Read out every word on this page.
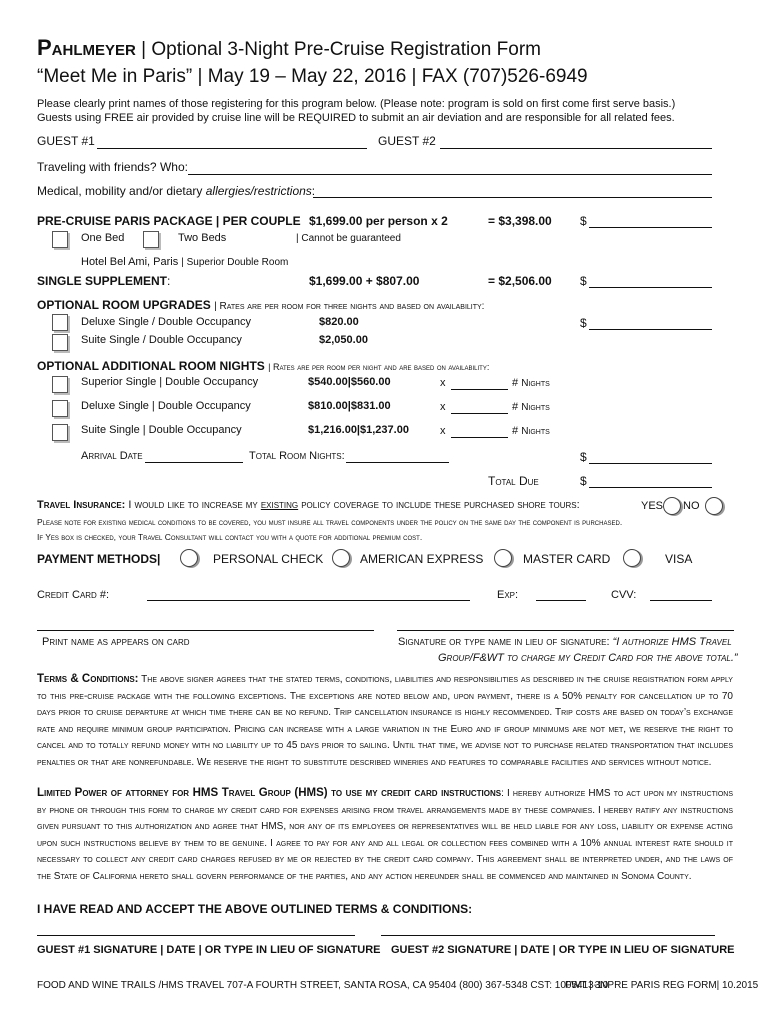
Pahlmeyer | Optional 3-Night Pre-Cruise Registration Form
“Meet Me in Paris” | May 19 – May 22, 2016 | FAX (707)526-6949
Please clearly print names of those registering for this program below. (Please note: program is sold on first come first serve basis.)
Guests using FREE air provided by cruise line will be REQUIRED to submit an air deviation and are responsible for all related fees.
GUEST #1	GUEST #2
Traveling with friends? Who:
Medical, mobility and/or dietary allergies/restrictions:
PRE-CRUISE PARIS PACKAGE | PER COUPLE $1,699.00 per person x 2	= $3,398.00 $
One Bed	Two Beds	| Cannot be guaranteed
Hotel Bel Ami, Paris | Superior Double Room
SINGLE SUPPLEMENT:	$1,699.00 + $807.00	= $2,506.00 $
OPTIONAL ROOM UPGRADES | Rates are per room for three nights and based on availability:
Deluxe Single / Double Occupancy	$820.00	$
Suite Single / Double Occupancy	$2,050.00
OPTIONAL ADDITIONAL ROOM NIGHTS | Rates are per room per night and are based on availability:
Superior Single | Double Occupancy	$540.00|$560.00	x	# Nights
Deluxe Single | Double Occupancy	$810.00|$831.00	x	# Nights
Suite Single | Double Occupancy	$1,216.00|$1,237.00	x	# Nights
Arrival Date	Total Room Nights:	$
Total Due	$
Travel Insurance: I would like to increase my existing policy coverage to include these purchased shore tours:	YES NO
Please note for existing medical conditions to be covered, you must insure all travel components under the policy on the same day the component is purchased.
If Yes box is checked, your Travel Consultant will contact you with a quote for additional premium cost.
PAYMENT METHODS|	PERSONAL CHECK	AMERICAN EXPRESS	MASTER CARD	VISA
Credit Card #:	Exp:	CVV:
Print name as appears on card	Signature or type name in lieu of signature: “I authorize HMS Travel
Group/F&WT to charge my Credit Card for the above total.”
Terms & Conditions: The above signer agrees that the stated terms, conditions, liabilities and responsibilities as described in the cruise registration form apply to this pre-cruise package with the following exceptions. The exceptions are noted below and, upon payment, there is a 50% penalty for cancellation up to 70 days prior to cruise departure at which time there can be no refund. Trip cancellation insurance is highly recommended. Trip costs are based on today’s exchange rate and require minimum group participation. Pricing can increase with a large variation in the Euro and if group minimums are not met, we reserve the right to cancel and to totally refund money with no liability up to 45 days prior to sailing. Until that time, we advise not to purchase related transportation that includes penalties or that are nonrefundable. We reserve the right to substitute described wineries and features to comparable facilities and services without notice.
Limited Power of attorney for HMS Travel Group (HMS) to use my credit card instructions: I hereby authorize HMS to act upon my instructions by phone or through this form to charge my credit card for expenses arising from travel arrangements made by these companies. I hereby ratify any instructions given pursuant to this authorization and agree that HMS, nor any of its employees or representatives will be held liable for any loss, liability or expense acting upon such instructions believe by them to be genuine. I agree to pay for any and all legal or collection fees combined with a 10% annual interest rate should it necessary to collect any credit card charges refused by me or rejected by the credit card company. This agreement shall be interpreted under, and the laws of the State of California hereto shall govern performance of the parties, and any action hereunder shall be commenced and maintained in Sonoma County.
I HAVE READ AND ACCEPT THE ABOVE OUTLINED TERMS & CONDITIONS:
GUEST #1 SIGNATURE | DATE | OR TYPE IN LIEU OF SIGNATURE GUEST #2 SIGNATURE | DATE | OR TYPE IN LIEU OF SIGNATURE
FOOD AND WINE TRAILS /HMS TRAVEL 707-A FOURTH STREET, SANTA ROSA, CA 95404 (800) 367-5348 CST: 1005413-10
FWT | 3NPRE PARIS REG FORM| 10.2015
